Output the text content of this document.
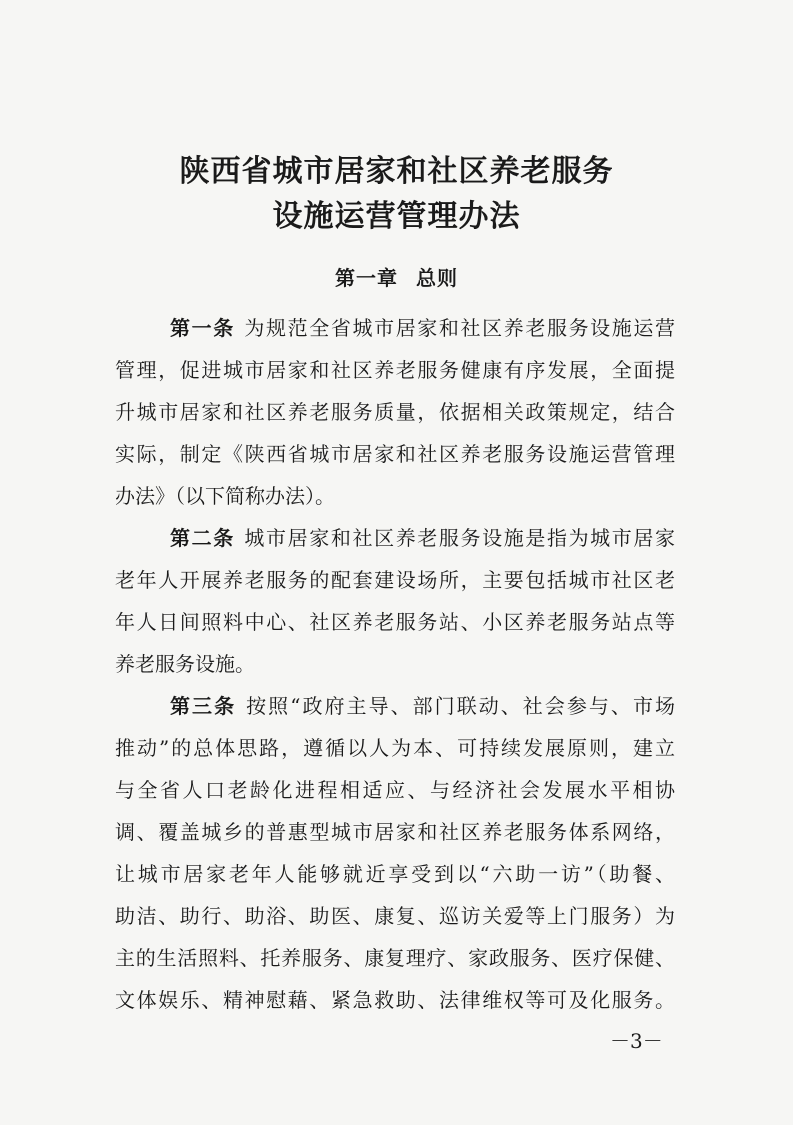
陕西省城市居家和社区养老服务
设施运营管理办法
第一章 总则

第一条 为规范全省城市居家和社区养老服务设施运营

管理，促进城市居家和社区养老服务健康有序发展，全面提

升城市居家和社区养老服务质量，依据相关政策规定，结合

实际，制定《陕西省城市居家和社区养老服务设施运营管理

办法》（以下简称办法）。

第二条 城市居家和社区养老服务设施是指为城市居家

老年人开展养老服务的配套建设场所，主要包括城市社区老

年人日间照料中心、社区养老服务站、小区养老服务站点等

养老服务设施。

第三条 按照“政府主导、部门联动、社会参与、市场

推动”的总体思路，遵循以人为本、可持续发展原则，建立

与全省人口老龄化进程相适应、与经济社会发展水平相协

调、覆盖城乡的普惠型城市居家和社区养老服务体系网络，

让城市居家老年人能够就近享受到以“六助一访”（助餐、

助洁、助行、助浴、助医、康复、巡访关爱等上门服务）为

主的生活照料、托养服务、康复理疗、家政服务、医疗保健、

文体娱乐、精神慰藉、紧急救助、法律维权等可及化服务。

－3－
